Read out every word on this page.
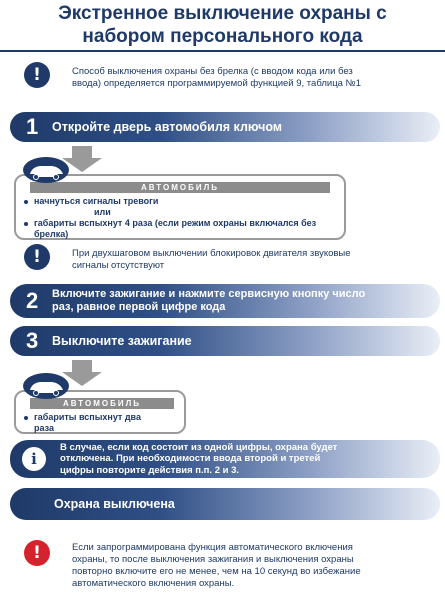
Экстренное выключение охраны с
набором персонального кода
!	Способ выключения охраны без брелка (с вводом кода или без
ввода) определяется программируемой функцией 9, таблица №1
1	Откройте дверь автомобиля ключом
АВТОМОБИЛЬ
начнуться сигналы тревоги
или
габариты вспыхнут 4 раза (если режим охраны включался без
брелка)
!	При двухшаговом выключении блокировок двигателя звуковые
сигналы отсутствуют
2	Включите зажигание и нажмите сервисную кнопку число
раз, равное первой цифре кода
3	Выключите зажигание
АВТОМОБИЛЬ
габариты вспыхнут два
раза
i
В случае, если код состоит из одной цифры, охрана будет
отключена. При необходимости ввода второй и третей
цифры повторите действия п.п. 2 и 3.
Охрана выключена
!	Если запрограммирована функция автоматического включения
охраны, то после выключения зажигания и выключения охраны
повторно включите его не менее, чем на 10 секунд во избежание
автоматического включения охраны.
